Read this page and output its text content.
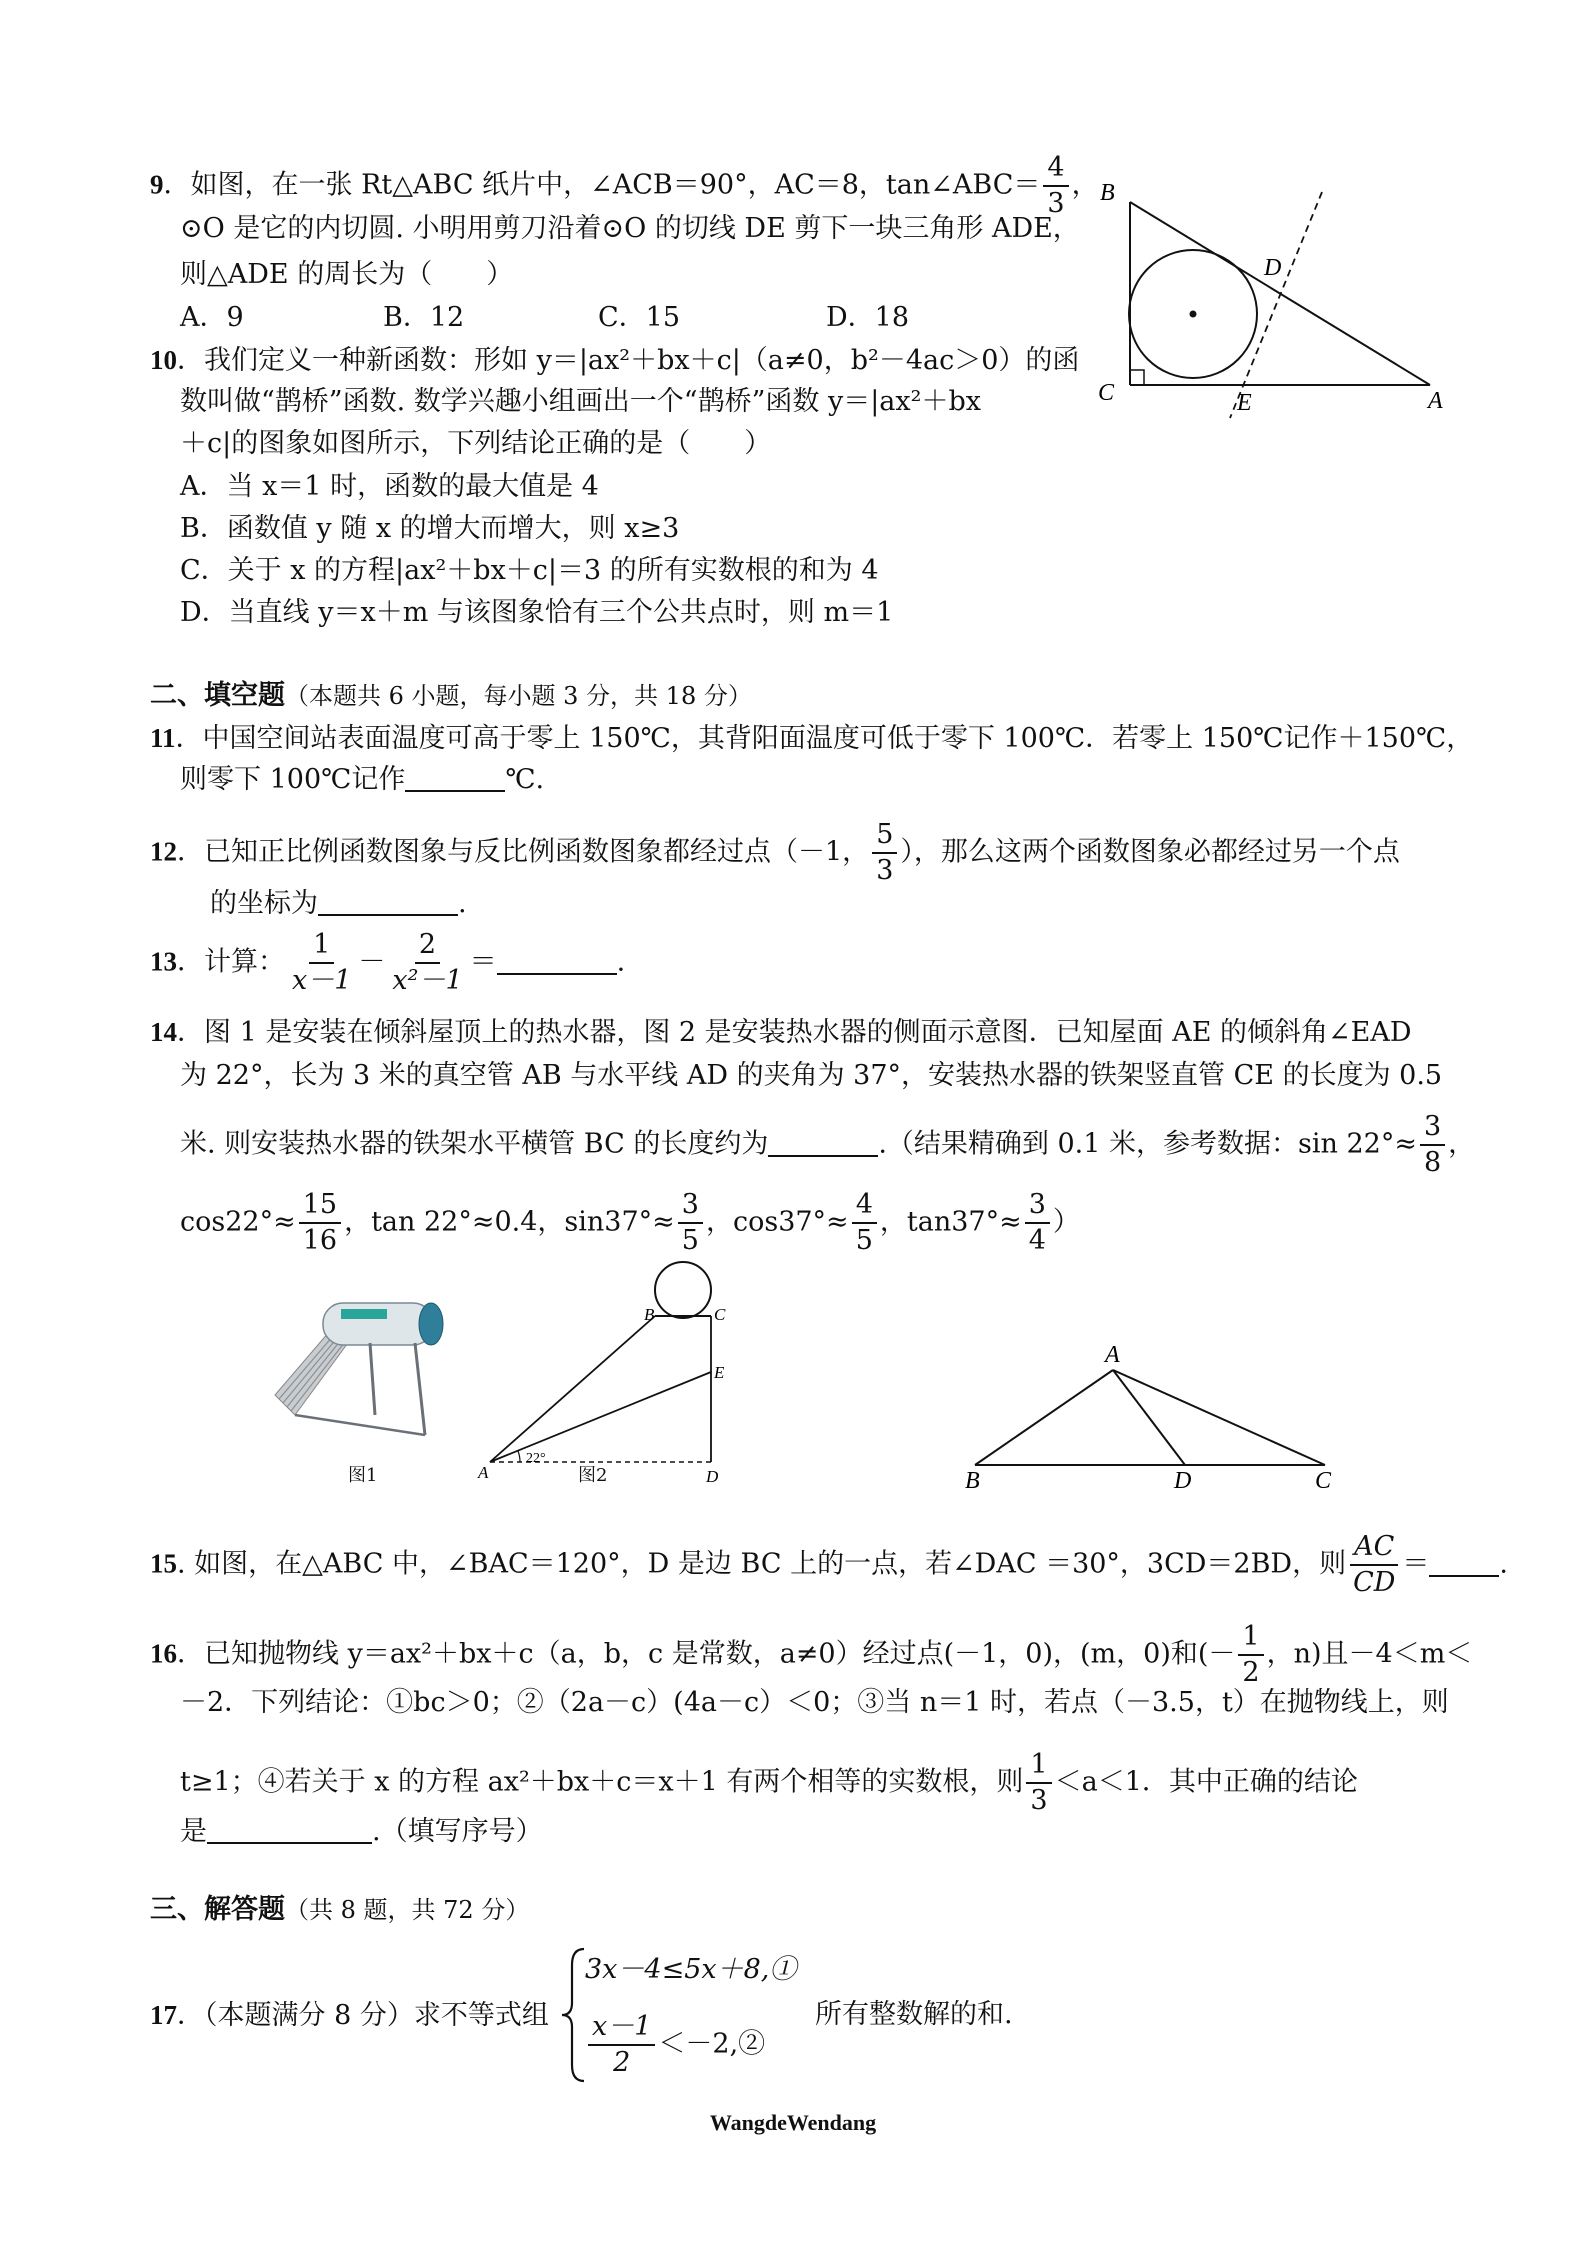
9．如图，在一张 Rt△ABC 纸片中，∠ACB＝90°，AC＝8，tan∠ABC＝ $\frac{4}{3}$ ，
⊙O 是它的内切圆. 小明用剪刀沿着⊙O 的切线 DE 剪下一块三角形 ADE，
则△ADE 的周长为（　　）
A．9	B．12	C．15	D．18
B
C	A
D
E
10．我们定义一种新函数：形如 y＝|ax²＋bx＋c|（a≠0，b²－4ac＞0）的函
数叫做“鹊桥”函数. 数学兴趣小组画出一个“鹊桥”函数 y＝|ax²＋bx
＋c|的图象如图所示，下列结论正确的是（　　）
A．当 x＝1 时，函数的最大值是 4
B．函数值 y 随 x 的增大而增大，则 x≥3
C．关于 x 的方程|ax²＋bx＋c|＝3 的所有实数根的和为 4
D．当直线 y＝x＋m 与该图象恰有三个公共点时，则 m＝1
二、填空题（本题共 6 小题，每小题 3 分，共 18 分）
11．中国空间站表面温度可高于零上 150℃，其背阳面温度可低于零下 100℃．若零上 150℃记作＋150℃，
则零下 100℃记作	℃.
12．已知正比例函数图象与反比例函数图象都经过点（－1， $\frac{5}{3}$ ），那么这两个函数图象必都经过另一个点
的坐标为	.
13．计算： $\frac{1}{x-1} - \frac{2}{\text{x²－1}}$ ＝	.
14．图 1 是安装在倾斜屋顶上的热水器，图 2 是安装热水器的侧面示意图．已知屋面 AE 的倾斜角∠EAD
为 22°，长为 3 米的真空管 AB 与水平线 AD 的夹角为 37°，安装热水器的铁架竖直管 CE 的长度为 0.5
米. 则安装热水器的铁架水平横管 BC 的长度约为	.（结果精确到 0.1 米，参考数据：$\sin 22^\circ\approx \frac{3}{8}$ ，
$\cos 22^\circ\approx \frac{15}{16}$ ，tan 22°≈0.4，$\sin 37^\circ\approx \frac{3}{5}$ ，$\cos 37^\circ\approx \frac{4}{5}$ ，$\tan 37^\circ\approx \frac{3}{4}$ ）
图1	A
B	C
E
D
22°
图2
A
B	D	C
15. 如图，在△ABC 中，∠BAC＝120°，D 是边 BC 上的一点，若∠DAC ＝30°，3CD＝2BD，则 $\frac{AC}{CD}$ ＝	.
16．已知抛物线 y＝ax²＋bx＋c（a，b，c 是常数，a≠0）经过点(－1，0)，(m，0)和(－ $\frac{1}{2}$ ，n)且－4＜m＜
－2．下列结论：①bc＞0；②（2a－c）(4a－c）＜0；③当 n＝1 时，若点（－3.5，t）在抛物线上，则
t≥1；④若关于 x 的方程 ax²＋bx＋c＝x＋1 有两个相等的实数根，则 $\frac{1}{3} <a<1$．其中正确的结论
是	.（填写序号）
三、解答题（共 8 题，共 72 分）
17．（本题满分 8 分）求不等式组
3x－4≤5x＋8,①
$\frac{x-1}{2}$ ＜－2,②
所有整数解的和.
WangdeWendang
